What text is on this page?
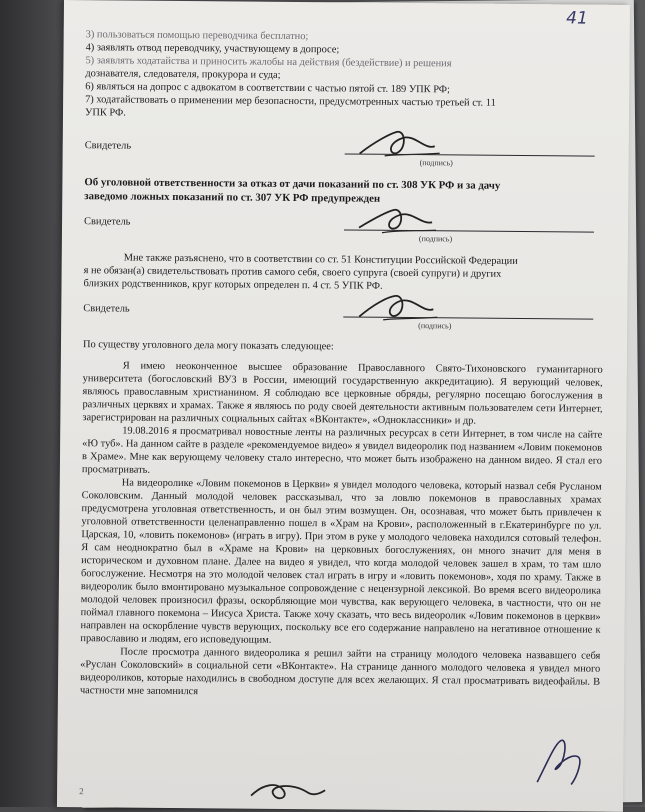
41
3) пользоваться помощью переводчика бесплатно;
4) заявлять отвод переводчику, участвующему в допросе;
5) заявлять ходатайства и приносить жалобы на действия (бездействие) и решения
дознавателя, следователя, прокурора и суда;
6) являться на допрос с адвокатом в соответствии с частью пятой ст. 189 УПК РФ;
7) ходатайствовать о применении мер безопасности, предусмотренных частью третьей ст. 11
УПК РФ.
Свидетель
(подпись)
Об уголовной ответственности за отказ от дачи показаний по ст. 308 УК РФ и за дачу
заведомо ложных показаний по ст. 307 УК РФ предупрежден
Свидетель
(подпись)
Мне также разъяснено, что в соответствии со ст. 51 Конституции Российской Федерации
я не обязан(а) свидетельствовать против самого себя, своего супруга (своей супруги) и других
близких родственников, круг которых определен п. 4 ст. 5 УПК РФ.
Свидетель
(подпись)
По существу уголовного дела могу показать следующее:

Я имею неоконченное высшее образование Православного Свято-Тихоновского гуманитарного университета (богословский ВУЗ в России, имеющий государственную аккредитацию). Я верующий человек, являюсь православным христианином. Я соблюдаю все церковные обряды, регулярно посещаю богослужения в различных церквях и храмах. Также я являюсь по роду своей деятельности активным пользователем сети Интернет, зарегистрирован на различных социальных сайтах «ВКонтакте», «Одноклассники» и др.

19.08.2016 я просматривал новостные ленты на различных ресурсах в сети Интернет, в том числе на сайте «Ю туб». На данном сайте в разделе «рекомендуемое видео» я увидел видеоролик под названием «Ловим покемонов в Храме». Мне как верующему человеку стало интересно, что может быть изображено на данном видео. Я стал его просматривать.

На видеоролике «Ловим покемонов в Церкви» я увидел молодого человека, который назвал себя Русланом Соколовским. Данный молодой человек рассказывал, что за ловлю покемонов в православных храмах предусмотрена уголовная ответственность, и он был этим возмущен. Он, осознавая, что может быть привлечен к уголовной ответственности целенаправленно пошел в «Храм на Крови», расположенный в г.Екатеринбурге по ул. Царская, 10, «ловить покемонов» (играть в игру). При этом в руке у молодого человека находился сотовый телефон. Я сам неоднократно был в «Храме на Крови» на церковных богослужениях, он много значит для меня в историческом и духовном плане. Далее на видео я увидел, что когда молодой человек зашел в храм, то там шло богослужение. Несмотря на это молодой человек стал играть в игру и «ловить покемонов», ходя по храму. Также в видеоролик было вмонтировано музыкальное сопровождение с нецензурной лексикой. Во время всего видеоролика молодой человек произносил фразы, оскорбляющие мои чувства, как верующего человека, в частности, что он не поймал главного покемона – Иисуса Христа. Также хочу сказать, что весь видеоролик «Ловим покемонов в церкви» направлен на оскорбление чувств верующих, поскольку все его содержание направлено на негативное отношение к православию и людям, его исповедующим.

После просмотра данного видеоролика я решил зайти на страницу молодого человека назвавшего себя «Руслан Соколовский» в социальной сети «ВКонтакте». На странице данного молодого человека я увидел много видеороликов, которые находились в свободном доступе для всех желающих. Я стал просматривать видеофайлы. В частности мне запомнился

2
